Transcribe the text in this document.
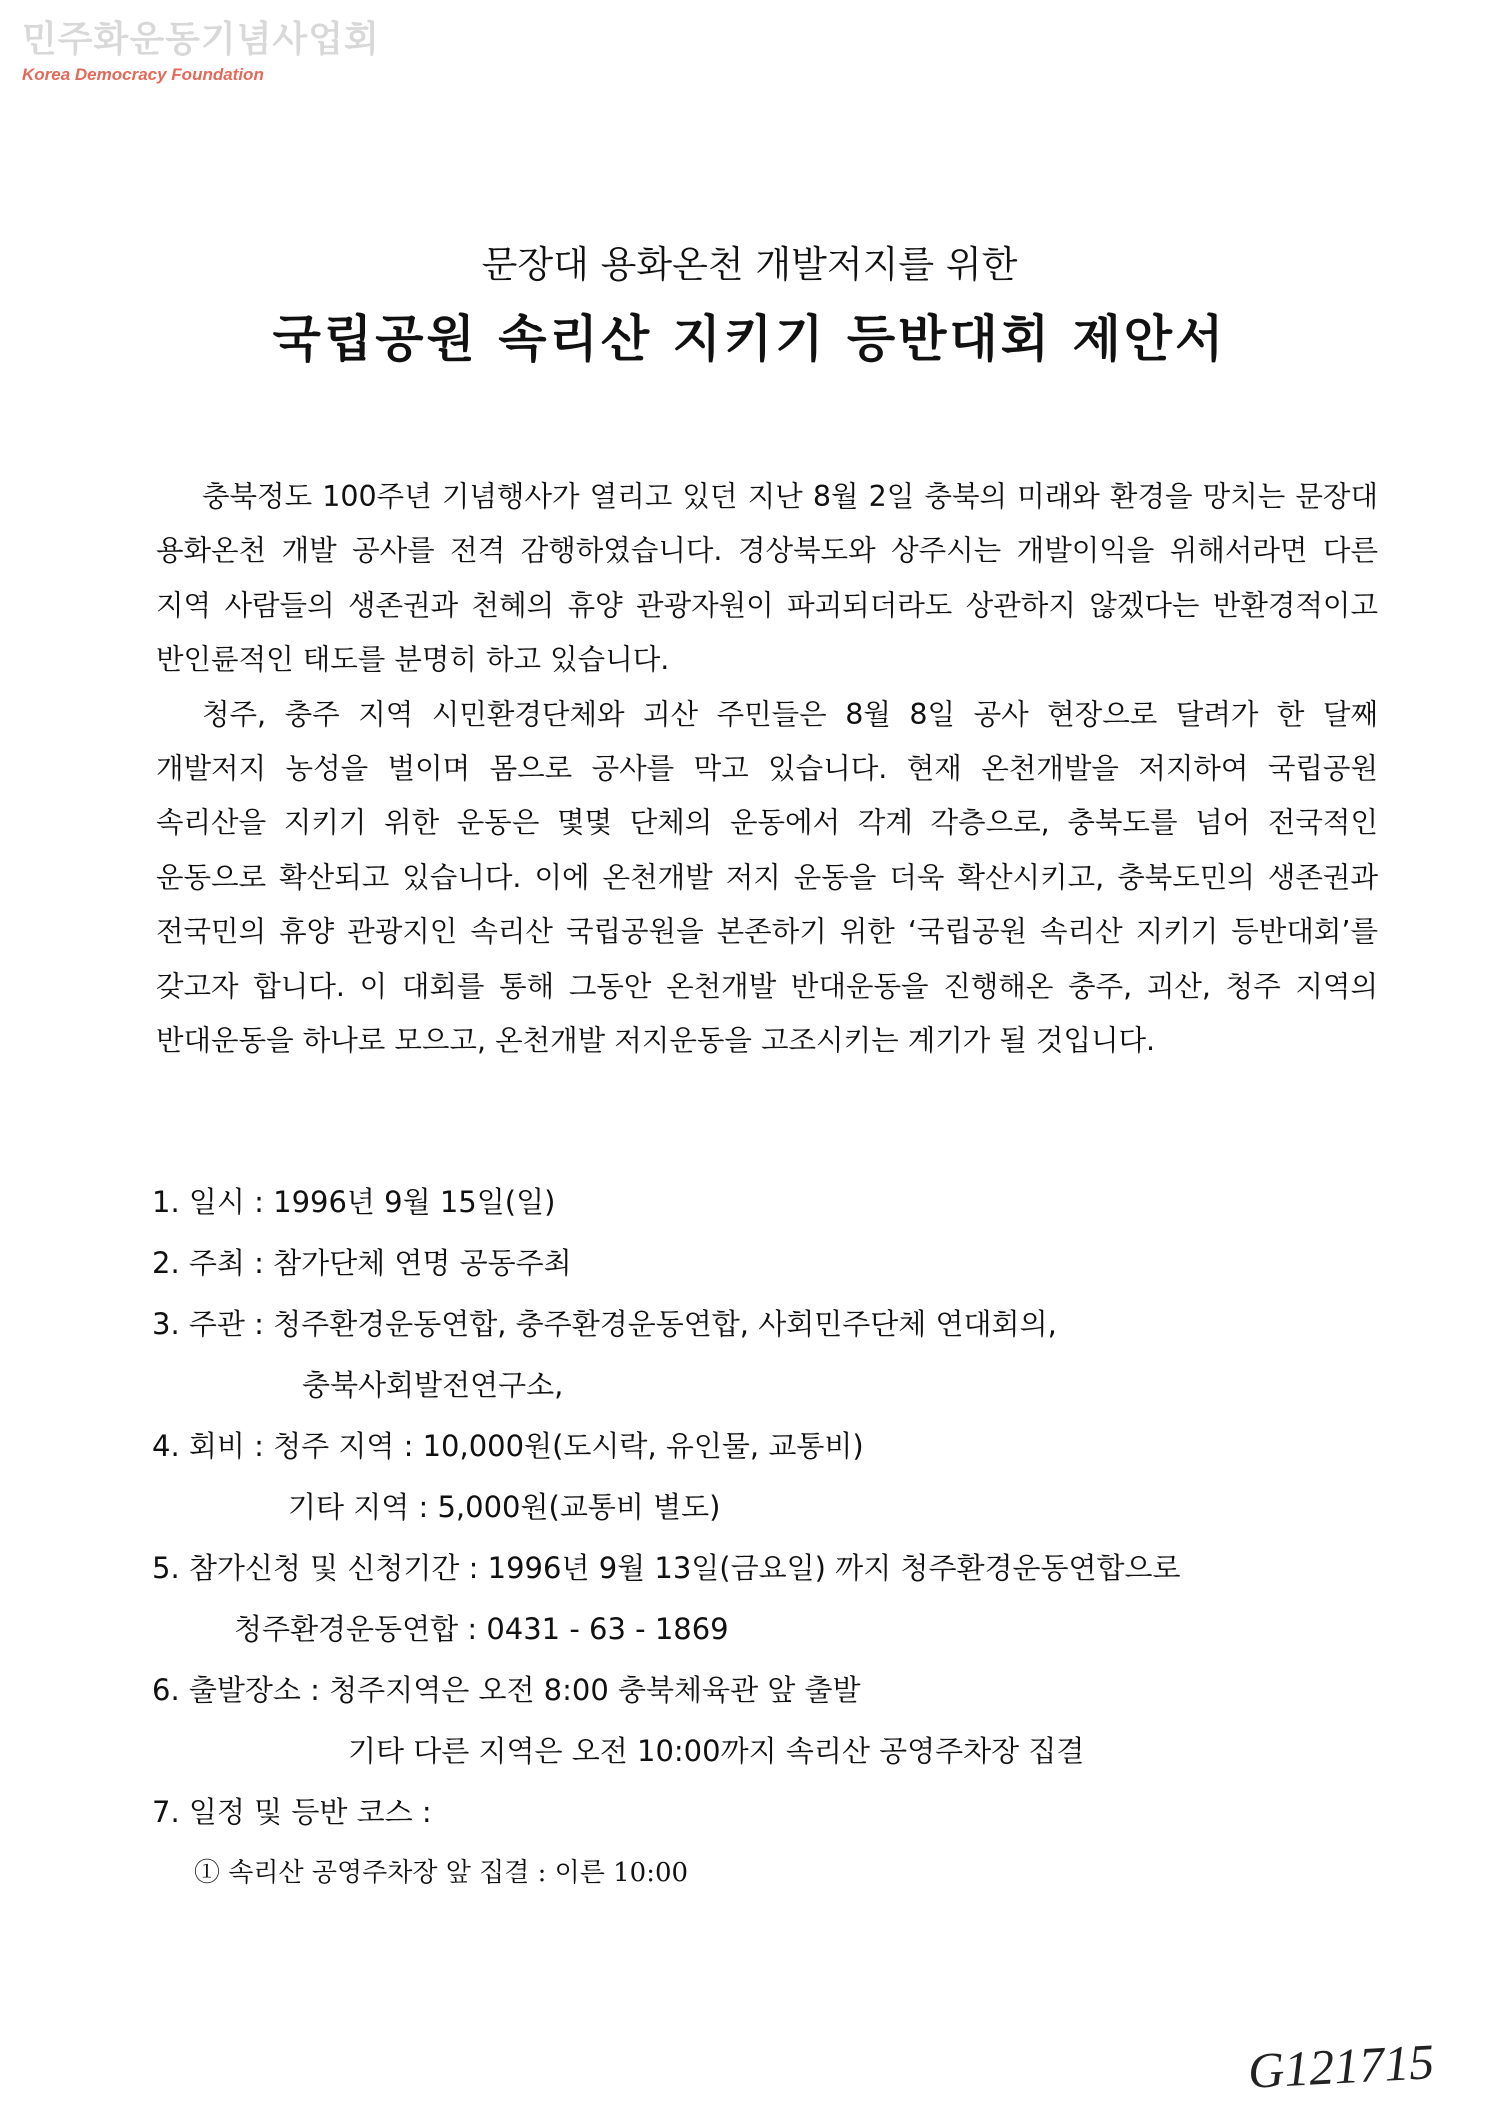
민주화운동기념사업회
Korea Democracy Foundation
문장대 용화온천 개발저지를 위한
국립공원 속리산 지키기 등반대회 제안서

충북정도 100주년 기념행사가 열리고 있던 지난 8월 2일 충북의 미래와 환경을 망치는 문장대 용화온천 개발 공사를 전격 감행하였습니다. 경상북도와 상주시는 개발이익을 위해서라면 다른 지역 사람들의 생존권과 천혜의 휴양 관광자원이 파괴되더라도 상관하지 않겠다는 반환경적이고 반인륜적인 태도를 분명히 하고 있습니다.

청주, 충주 지역 시민환경단체와 괴산 주민들은 8월 8일 공사 현장으로 달려가 한 달째 개발저지 농성을 벌이며 몸으로 공사를 막고 있습니다. 현재 온천개발을 저지하여 국립공원 속리산을 지키기 위한 운동은 몇몇 단체의 운동에서 각계 각층으로, 충북도를 넘어 전국적인 운동으로 확산되고 있습니다. 이에 온천개발 저지 운동을 더욱 확산시키고, 충북도민의 생존권과 전국민의 휴양 관광지인 속리산 국립공원을 본존하기 위한 ‘국립공원 속리산 지키기 등반대회’를 갖고자 합니다. 이 대회를 통해 그동안 온천개발 반대운동을 진행해온 충주, 괴산, 청주 지역의 반대운동을 하나로 모으고, 온천개발 저지운동을 고조시키는 계기가 될 것입니다.

1. 일시 : 1996년 9월 15일(일)
2. 주최 : 참가단체 연명 공동주최
3. 주관 : 청주환경운동연합, 충주환경운동연합, 사회민주단체 연대회의,
충북사회발전연구소,
4. 회비 : 청주 지역 : 10,000원(도시락, 유인물, 교통비)
기타 지역 : 5,000원(교통비 별도)
5. 참가신청 및 신청기간 : 1996년 9월 13일(금요일) 까지 청주환경운동연합으로
청주환경운동연합 : 0431 - 63 - 1869
6. 출발장소 : 청주지역은 오전 8:00 충북체육관 앞 출발
기타 다른 지역은 오전 10:00까지 속리산 공영주차장 집결
7. 일정 및 등반 코스 :
① 속리산 공영주차장 앞 집결 : 이른 10:00
G121715
